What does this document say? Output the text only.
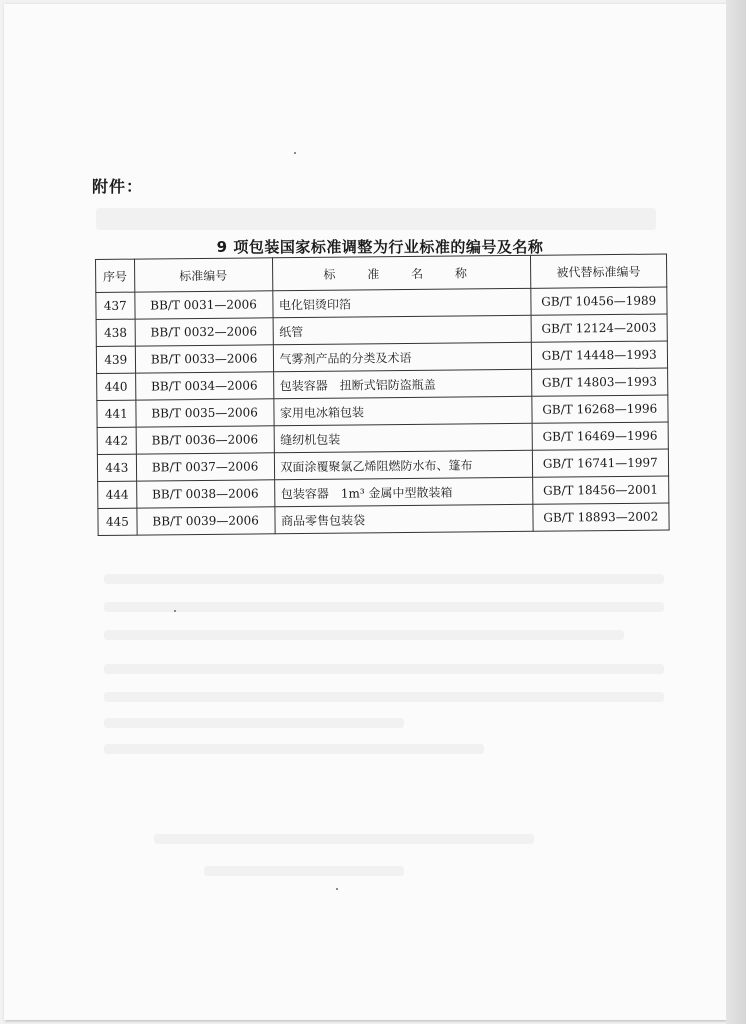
附件：
9 项包装国家标准调整为行业标准的编号及名称
序号	标准编号	标 准 名 称	被代替标准编号
437	BB/T 0031—2006	电化铝烫印箔	GB/T 10456—1989
438	BB/T 0032—2006	纸管	GB/T 12124—2003
439	BB/T 0033—2006	气雾剂产品的分类及术语	GB/T 14448—1993
440	BB/T 0034—2006	包装容器　扭断式铝防盗瓶盖	GB/T 14803—1993
441	BB/T 0035—2006	家用电冰箱包装	GB/T 16268—1996
442	BB/T 0036—2006	缝纫机包装	GB/T 16469—1996
443	BB/T 0037—2006	双面涂覆聚氯乙烯阻燃防水布、篷布	GB/T 16741—1997
444	BB/T 0038—2006	包装容器　1m³ 金属中型散装箱	GB/T 18456—2001
445	BB/T 0039—2006	商品零售包装袋	GB/T 18893—2002
